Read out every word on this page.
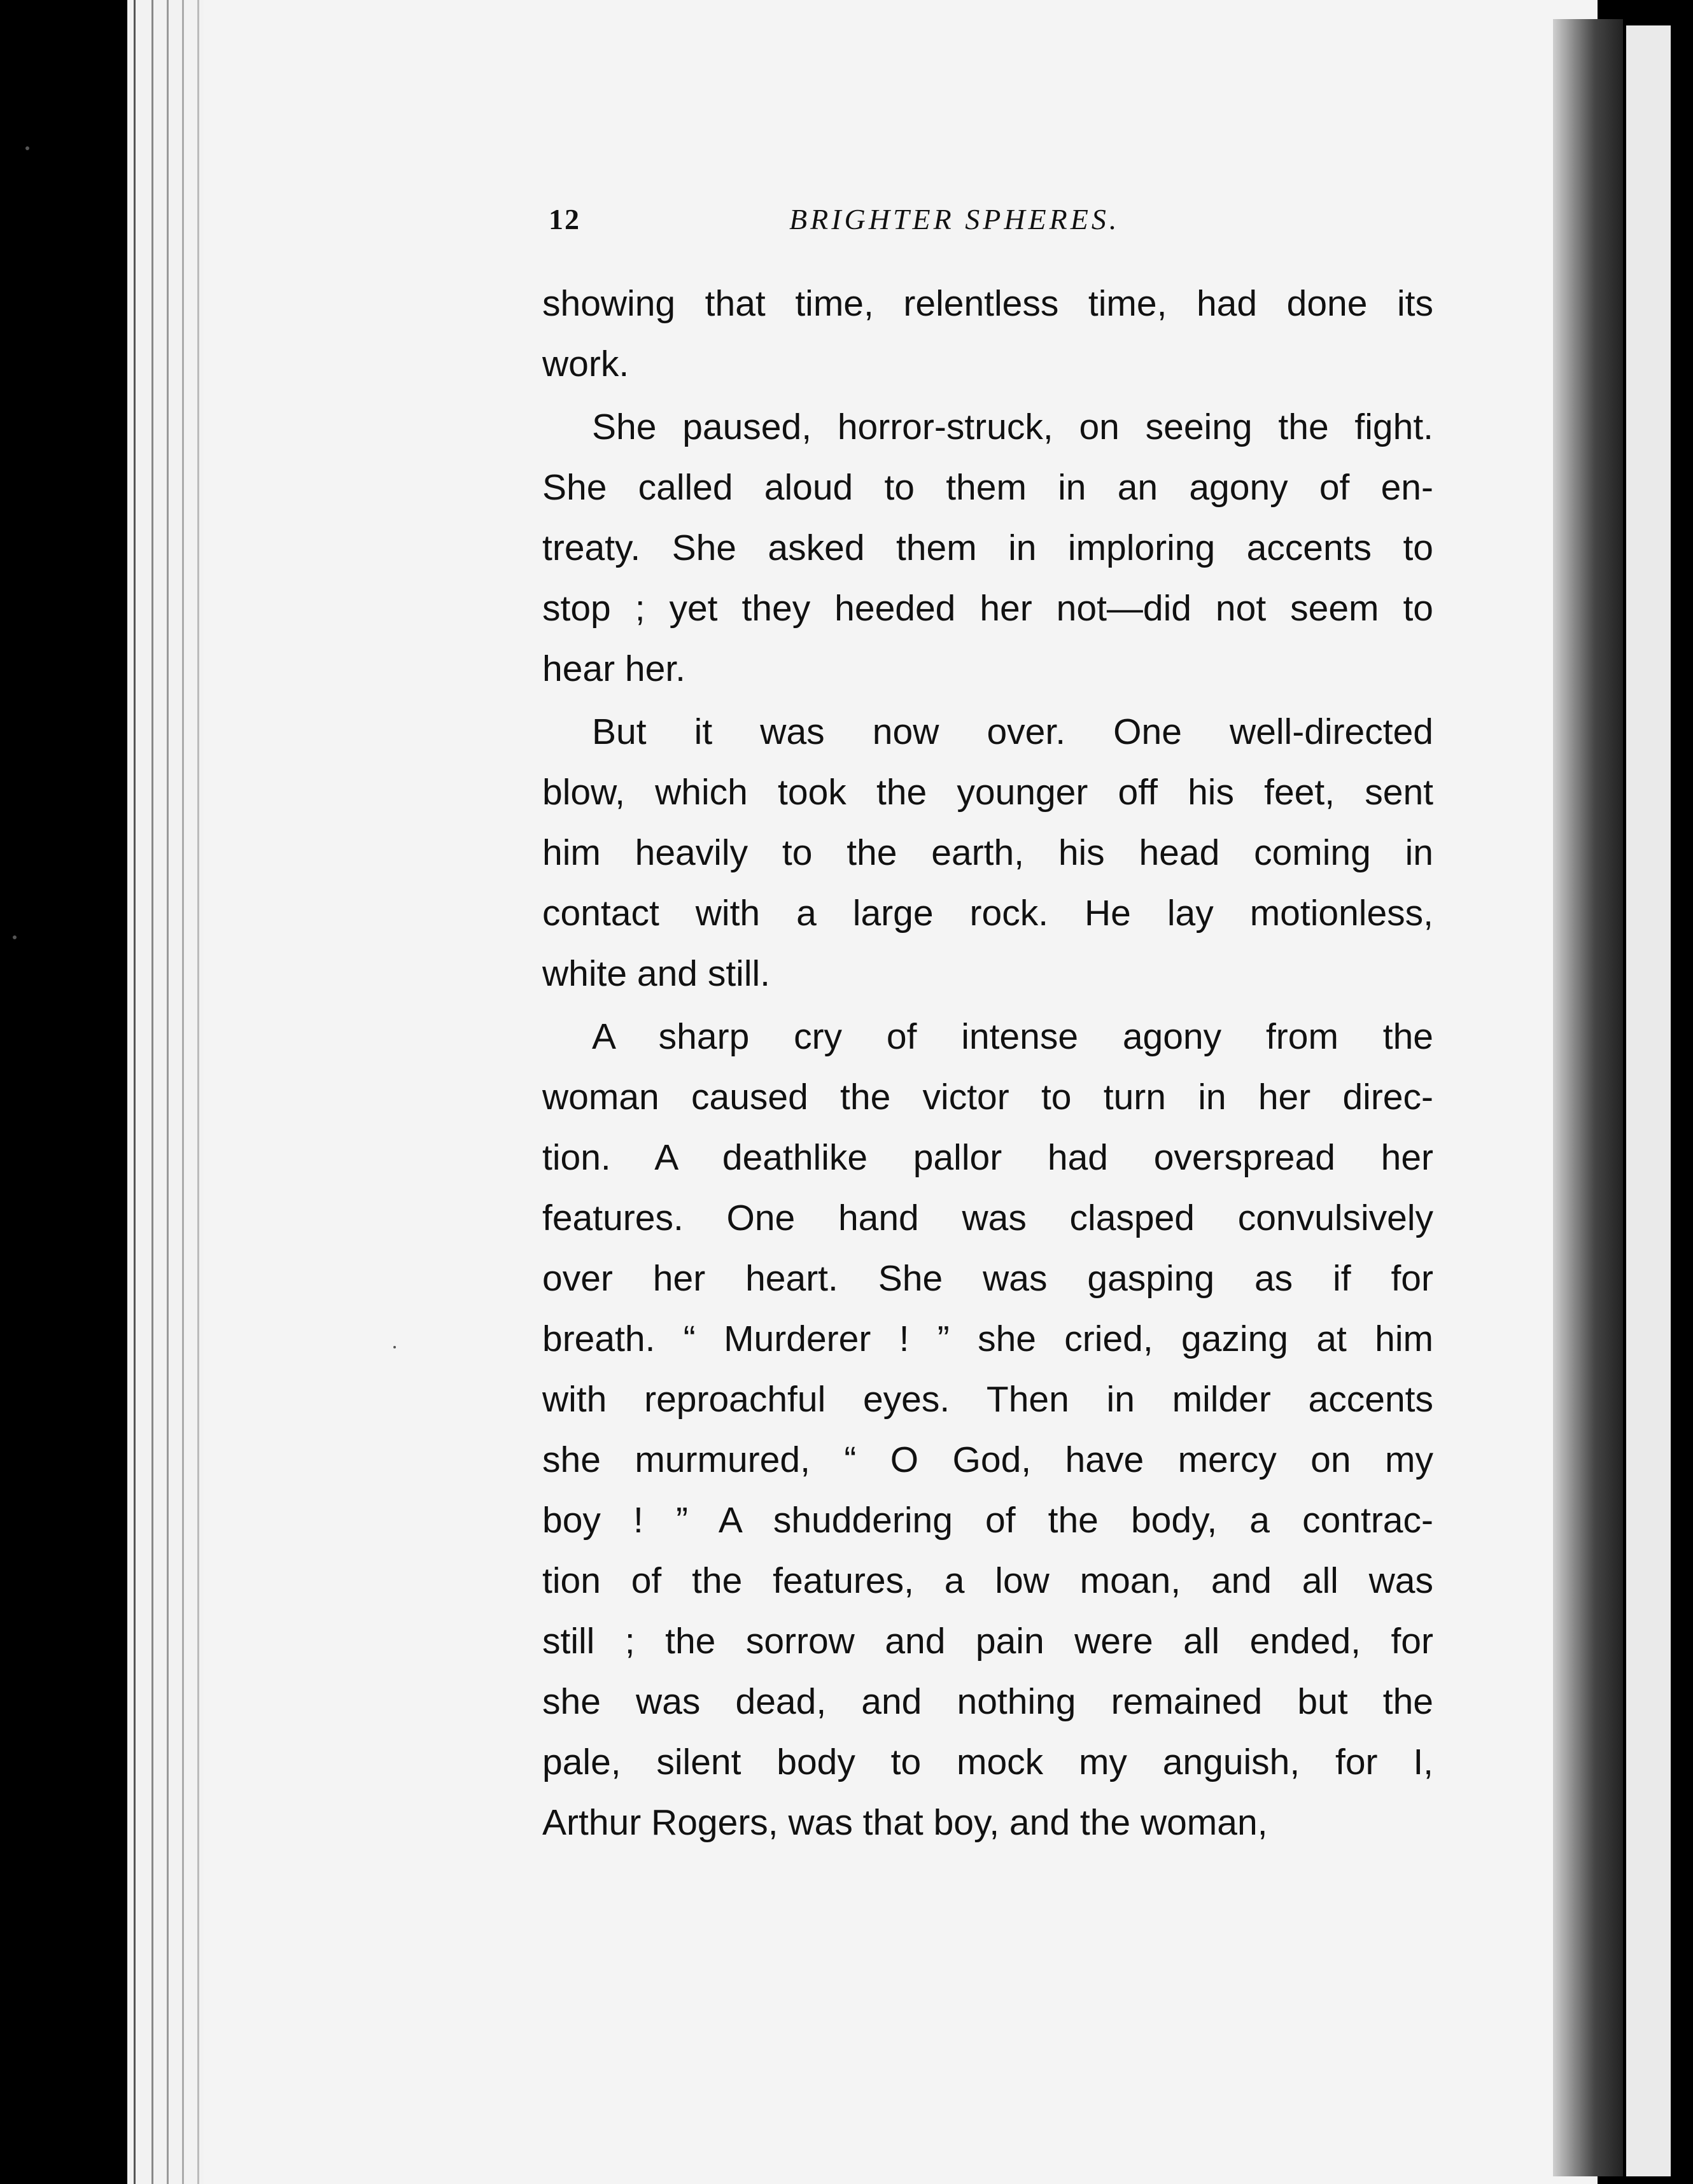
12	BRIGHTER SPHERES.
showing that time, relentless time, had done its
work.
She paused, horror-struck, on seeing the fight.
She called aloud to them in an agony of en-
treaty. She asked them in imploring accents to
stop ; yet they heeded her not—did not seem to
hear her.
But it was now over. One well-directed
blow, which took the younger off his feet, sent
him heavily to the earth, his head coming in
contact with a large rock. He lay motionless,
white and still.
A sharp cry of intense agony from the
woman caused the victor to turn in her direc-
tion. A deathlike pallor had overspread her
features. One hand was clasped convulsively
over her heart. She was gasping as if for
breath. “ Murderer ! ” she cried, gazing at him
with reproachful eyes. Then in milder accents
she murmured, “ O God, have mercy on my
boy ! ” A shuddering of the body, a contrac-
tion of the features, a low moan, and all was
still ; the sorrow and pain were all ended, for
she was dead, and nothing remained but the
pale, silent body to mock my anguish, for I,
Arthur Rogers, was that boy, and the woman,
